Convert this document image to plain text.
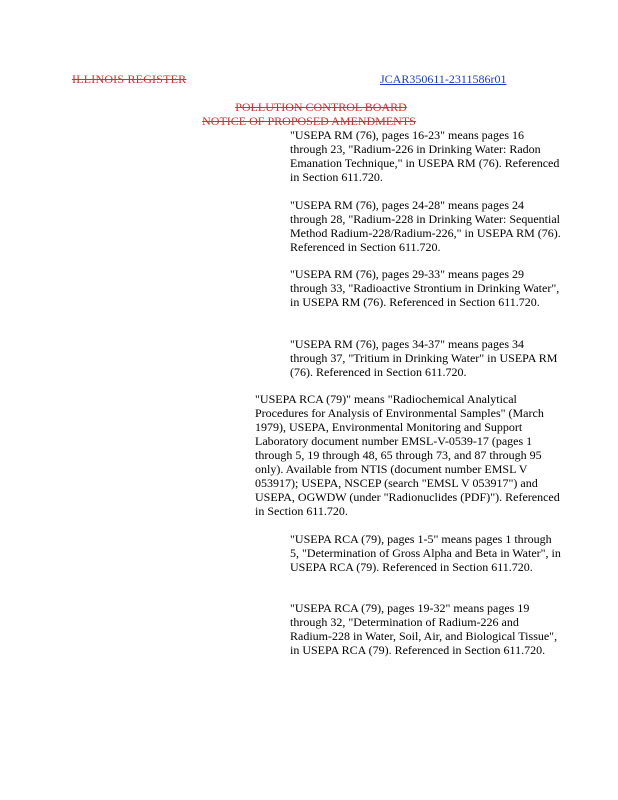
ILLINOIS REGISTER	JCAR350611-2311586r01
POLLUTION CONTROL BOARD
NOTICE OF PROPOSED AMENDMENTS

"USEPA RM (76), pages 16-23" means pages 16 through 23, "Radium-226 in Drinking Water: Radon Emanation Technique," in USEPA RM (76). Referenced in Section 611.720.

"USEPA RM (76), pages 24-28" means pages 24 through 28, "Radium-228 in Drinking Water: Sequential Method Radium-228/Radium-226," in USEPA RM (76). Referenced in Section 611.720.

"USEPA RM (76), pages 29-33" means pages 29 through 33, "Radioactive Strontium in Drinking Water", in USEPA RM (76). Referenced in Section 611.720.

"USEPA RM (76), pages 34-37" means pages 34 through 37, "Tritium in Drinking Water" in USEPA RM (76). Referenced in Section 611.720.

"USEPA RCA (79)" means "Radiochemical Analytical Procedures for Analysis of Environmental Samples" (March 1979), USEPA, Environmental Monitoring and Support Laboratory document number EMSL-V-0539-17 (pages 1 through 5, 19 through 48, 65 through 73, and 87 through 95 only). Available from NTIS (document number EMSL V 053917); USEPA, NSCEP (search "EMSL V 053917") and USEPA, OGWDW (under "Radionuclides (PDF)"). Referenced in Section 611.720.

"USEPA RCA (79), pages 1-5" means pages 1 through 5, "Determination of Gross Alpha and Beta in Water", in USEPA RCA (79). Referenced in Section 611.720.

"USEPA RCA (79), pages 19-32" means pages 19 through 32, "Determination of Radium-226 and Radium-228 in Water, Soil, Air, and Biological Tissue", in USEPA RCA (79). Referenced in Section 611.720.
